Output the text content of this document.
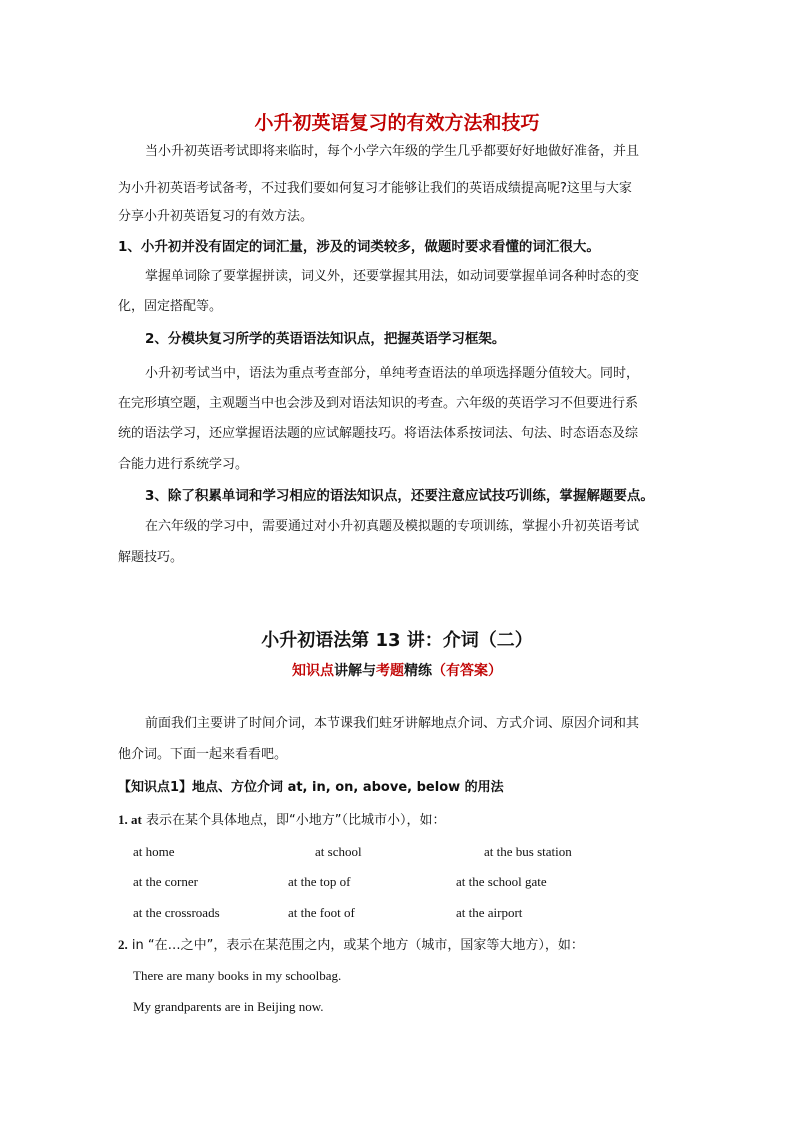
小升初英语复习的有效方法和技巧
当小升初英语考试即将来临时，每个小学六年级的学生几乎都要好好地做好准备，并且
为小升初英语考试备考，不过我们要如何复习才能够让我们的英语成绩提高呢?这里与大家
分享小升初英语复习的有效方法。
1、小升初并没有固定的词汇量，涉及的词类较多，做题时要求看懂的词汇很大。
掌握单词除了要掌握拼读，词义外，还要掌握其用法，如动词要掌握单词各种时态的变
化，固定搭配等。
2、分模块复习所学的英语语法知识点，把握英语学习框架。
小升初考试当中，语法为重点考查部分，单纯考查语法的单项选择题分值较大。同时，
在完形填空题，主观题当中也会涉及到对语法知识的考查。六年级的英语学习不但要进行系
统的语法学习，还应掌握语法题的应试解题技巧。将语法体系按词法、句法、时态语态及综
合能力进行系统学习。
3、除了积累单词和学习相应的语法知识点，还要注意应试技巧训练，掌握解题要点。
在六年级的学习中，需要通过对小升初真题及模拟题的专项训练，掌握小升初英语考试
解题技巧。
小升初语法第 13 讲：介词（二）
知识点讲解与考题精练（有答案）
前面我们主要讲了时间介词，本节课我们蛀牙讲解地点介词、方式介词、原因介词和其
他介词。下面一起来看看吧。
【知识点1】地点、方位介词 at, in, on, above, below 的用法
1. at 表示在某个具体地点，即“小地方”（比城市小），如：
at home	at school	at the bus station
at the corner	at the top of	at the school gate
at the crossroads	at the foot of	at the airport
2. in “在…之中”，表示在某范围之内，或某个地方（城市，国家等大地方），如：
There are many books in my schoolbag.
My grandparents are in Beijing now.
